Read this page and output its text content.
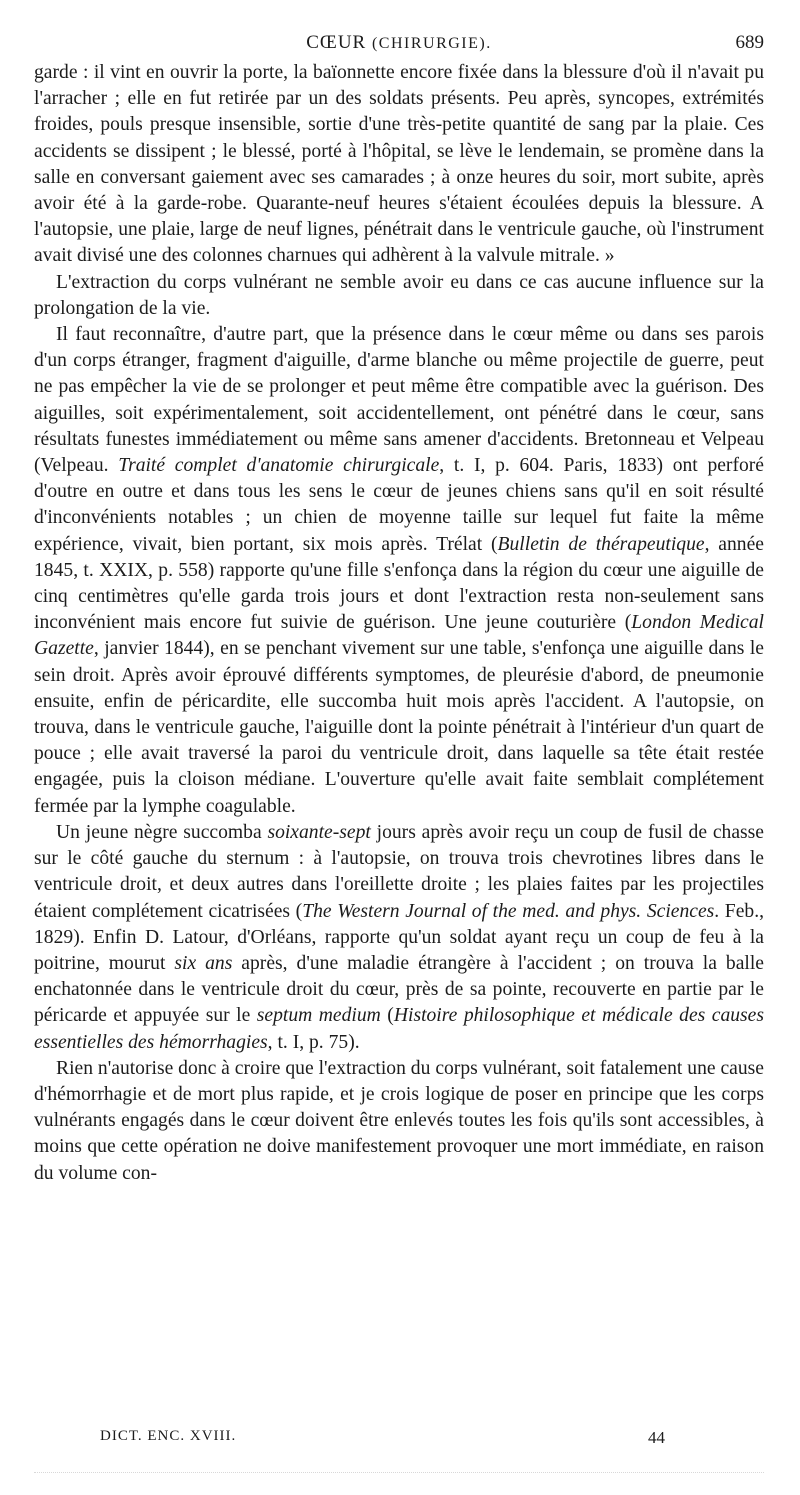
CŒUR (CHIRURGIE).	689

garde : il vint en ouvrir la porte, la baïonnette encore fixée dans la blessure d'où il n'avait pu l'arracher ; elle en fut retirée par un des soldats présents. Peu après, syncopes, extrémités froides, pouls presque insensible, sortie d'une très-petite quantité de sang par la plaie. Ces accidents se dissipent ; le blessé, porté à l'hôpital, se lève le lendemain, se promène dans la salle en conversant gaiement avec ses camarades ; à onze heures du soir, mort subite, après avoir été à la garde-robe. Quarante-neuf heures s'étaient écoulées depuis la blessure. A l'autopsie, une plaie, large de neuf lignes, pénétrait dans le ventricule gauche, où l'instrument avait divisé une des colonnes charnues qui adhèrent à la valvule mitrale. »

L'extraction du corps vulnérant ne semble avoir eu dans ce cas aucune influence sur la prolongation de la vie.

Il faut reconnaître, d'autre part, que la présence dans le cœur même ou dans ses parois d'un corps étranger, fragment d'aiguille, d'arme blanche ou même projectile de guerre, peut ne pas empêcher la vie de se prolonger et peut même être compatible avec la guérison. Des aiguilles, soit expérimentalement, soit accidentellement, ont pénétré dans le cœur, sans résultats funestes immédiatement ou même sans amener d'accidents. Bretonneau et Velpeau (Velpeau. Traité complet d'anatomie chirurgicale, t. I, p. 604. Paris, 1833) ont perforé d'outre en outre et dans tous les sens le cœur de jeunes chiens sans qu'il en soit résulté d'inconvénients notables ; un chien de moyenne taille sur lequel fut faite la même expérience, vivait, bien portant, six mois après. Trélat (Bulletin de thérapeutique, année 1845, t. XXIX, p. 558) rapporte qu'une fille s'enfonça dans la région du cœur une aiguille de cinq centimètres qu'elle garda trois jours et dont l'extraction resta non-seulement sans inconvénient mais encore fut suivie de guérison. Une jeune couturière (London Medical Gazette, janvier 1844), en se penchant vivement sur une table, s'enfonça une aiguille dans le sein droit. Après avoir éprouvé différents symptomes, de pleurésie d'abord, de pneumonie ensuite, enfin de péricardite, elle succomba huit mois après l'accident. A l'autopsie, on trouva, dans le ventricule gauche, l'aiguille dont la pointe pénétrait à l'intérieur d'un quart de pouce ; elle avait traversé la paroi du ventricule droit, dans laquelle sa tête était restée engagée, puis la cloison médiane. L'ouverture qu'elle avait faite semblait complétement fermée par la lymphe coagulable.

Un jeune nègre succomba soixante-sept jours après avoir reçu un coup de fusil de chasse sur le côté gauche du sternum : à l'autopsie, on trouva trois chevrotines libres dans le ventricule droit, et deux autres dans l'oreillette droite ; les plaies faites par les projectiles étaient complétement cicatrisées (The Western Journal of the med. and phys. Sciences. Feb., 1829). Enfin D. Latour, d'Orléans, rapporte qu'un soldat ayant reçu un coup de feu à la poitrine, mourut six ans après, d'une maladie étrangère à l'accident ; on trouva la balle enchatonnée dans le ventricule droit du cœur, près de sa pointe, recouverte en partie par le péricarde et appuyée sur le septum medium (Histoire philosophique et médicale des causes essentielles des hémorrhagies, t. I, p. 75).

Rien n'autorise donc à croire que l'extraction du corps vulnérant, soit fatalement une cause d'hémorrhagie et de mort plus rapide, et je crois logique de poser en principe que les corps vulnérants engagés dans le cœur doivent être enlevés toutes les fois qu'ils sont accessibles, à moins que cette opération ne doive manifestement provoquer une mort immédiate, en raison du volume con-

DICT. ENC. XVIII.	44
